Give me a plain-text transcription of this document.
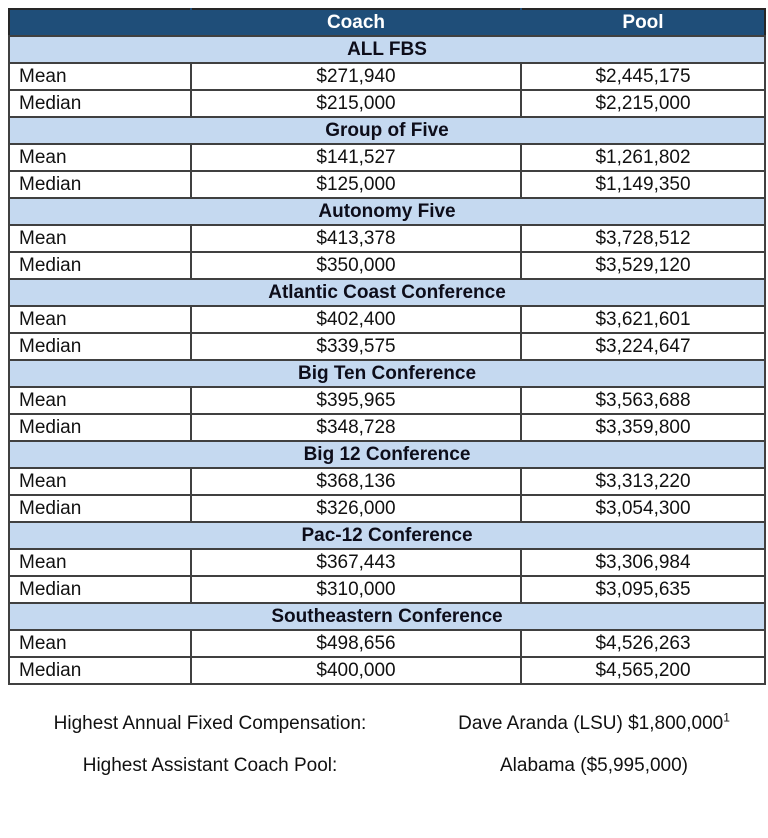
	Coach	Pool
ALL FBS		
Mean	$271,940	$2,445,175
Median	$215,000	$2,215,000
Group of Five		
Mean	$141,527	$1,261,802
Median	$125,000	$1,149,350
Autonomy Five		
Mean	$413,378	$3,728,512
Median	$350,000	$3,529,120
Atlantic Coast Conference		
Mean	$402,400	$3,621,601
Median	$339,575	$3,224,647
Big Ten Conference		
Mean	$395,965	$3,563,688
Median	$348,728	$3,359,800
Big 12 Conference		
Mean	$368,136	$3,313,220
Median	$326,000	$3,054,300
Pac-12 Conference		
Mean	$367,443	$3,306,984
Median	$310,000	$3,095,635
Southeastern Conference		
Mean	$498,656	$4,526,263
Median	$400,000	$4,565,200
Highest Annual Fixed Compensation:	Dave Aranda (LSU) $1,800,000$^1$
Highest Assistant Coach Pool:	Alabama ($5,995,000)
